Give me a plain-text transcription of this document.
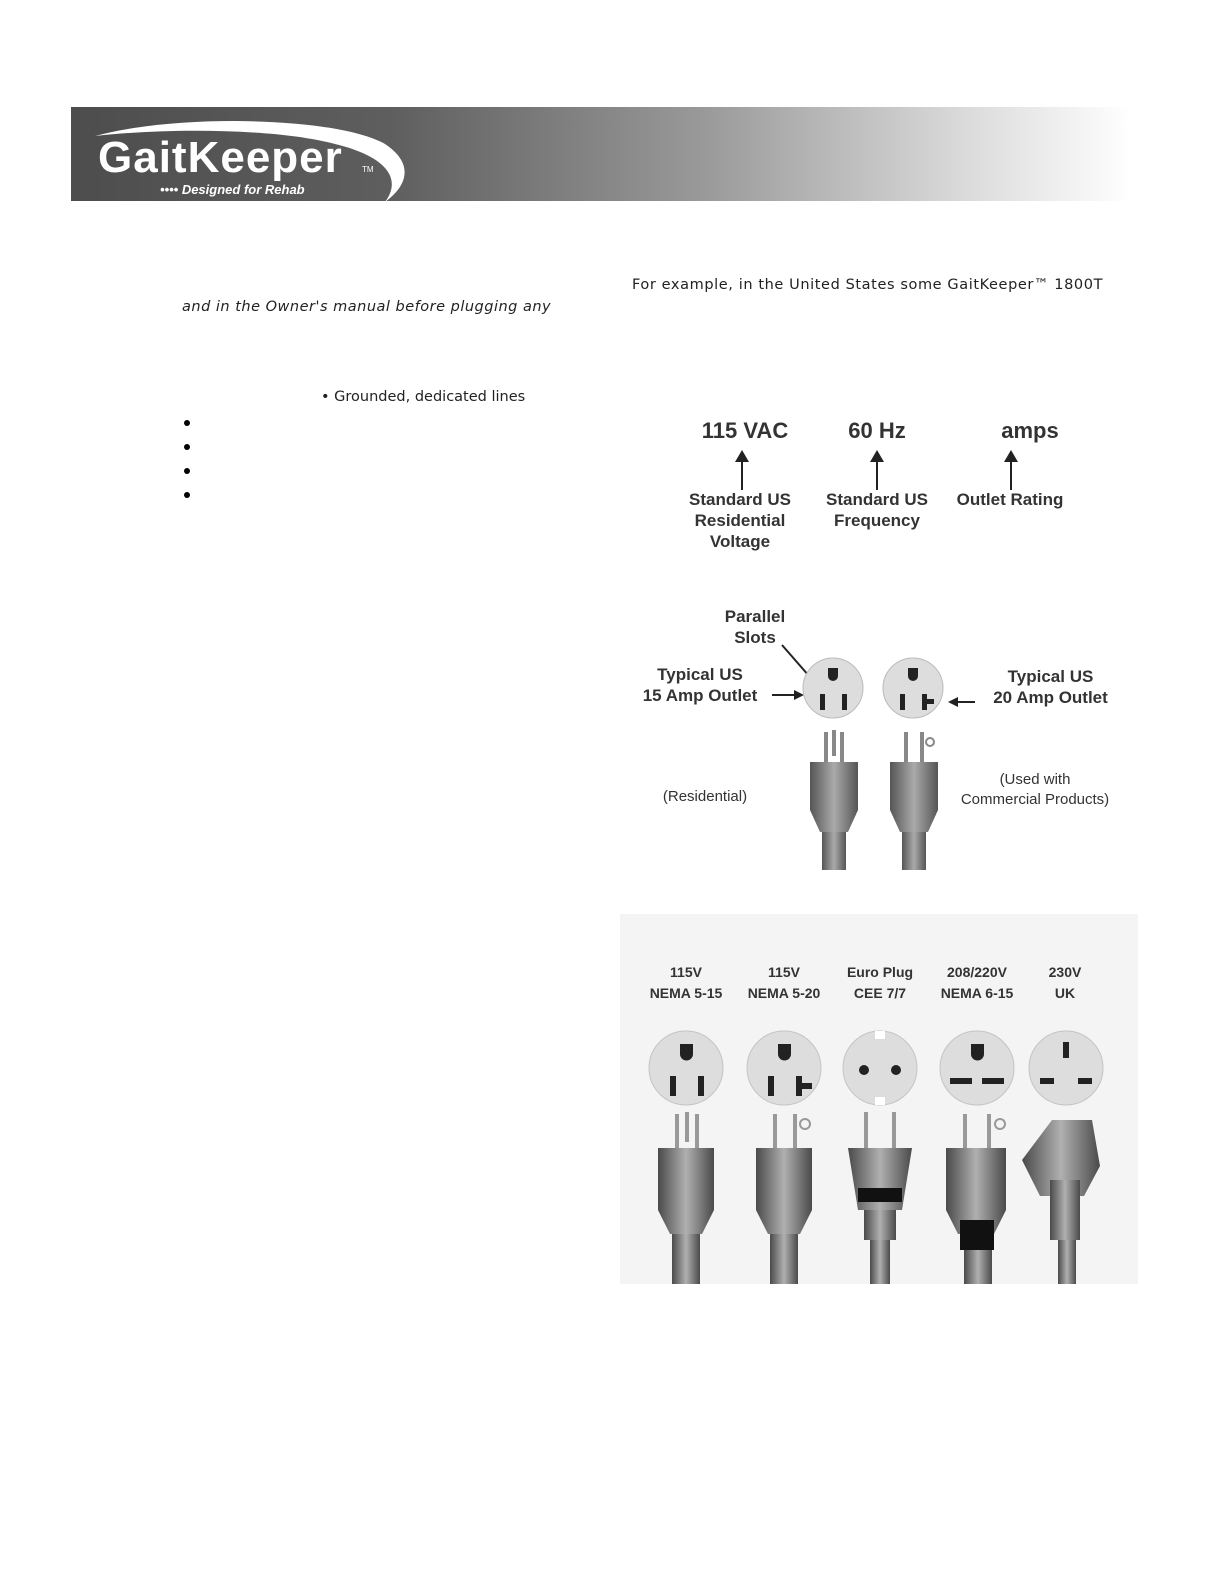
GaitKeeper TM
•••• Designed for Rehab
For example, in the United States some GaitKeeper™ 1800T
and in the Owner's manual before plugging any
• Grounded, dedicated lines
115 VAC	60 Hz	amps
Standard US
Residential
Voltage
Standard US
Frequency
Outlet Rating
Parallel
Slots
Typical US
15 Amp Outlet
Typical US
20 Amp Outlet
(Residential)
(Used with
Commercial Products)
115V
NEMA 5-15
115V
NEMA 5-20
Euro Plug
CEE 7/7
208/220V
NEMA 6-15
230V
UK
